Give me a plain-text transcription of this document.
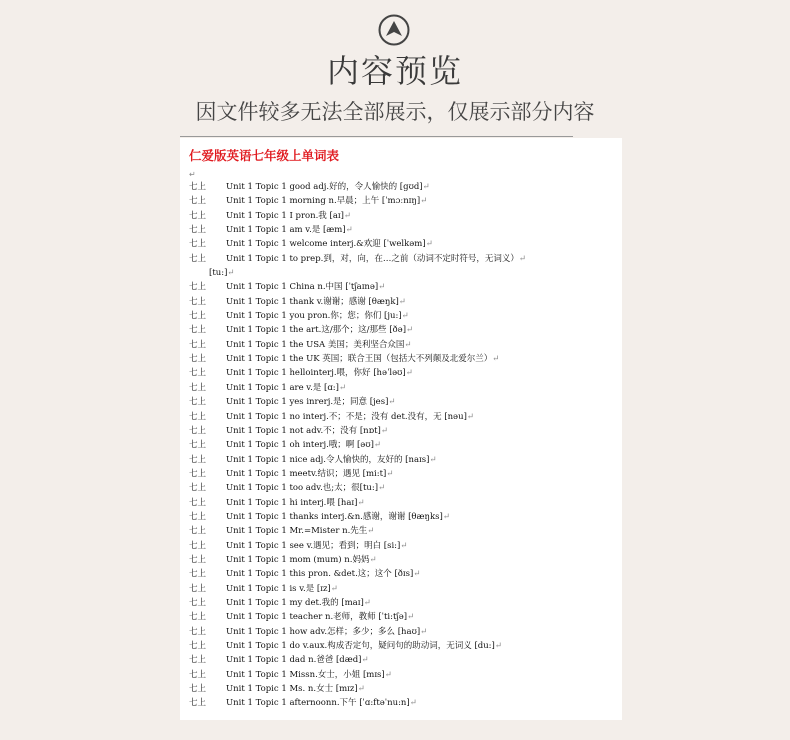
内容预览
因文件较多无法全部展示，仅展示部分内容
仁爱版英语七年级上单词表
↵
七上	Unit 1 Topic 1 good adj.好的，令人愉快的 [gʊd]↵
七上	Unit 1 Topic 1 morning n.早晨；上午 [ˈmɔːnɪŋ]↵
七上	Unit 1 Topic 1 I pron.我 [aɪ]↵
七上	Unit 1 Topic 1 am v.是 [æm]↵
七上	Unit 1 Topic 1 welcome interj.&欢迎 [ˈwelkəm]↵
七上	Unit 1 Topic 1 to prep.到，对，向，在…之前（动词不定时符号，无词义）↵
[tu:]↵
七上	Unit 1 Topic 1 China n.中国 [ˈtʃaɪnə]↵
七上	Unit 1 Topic 1 thank v.谢谢；感谢 [θæŋk]↵
七上	Unit 1 Topic 1 you pron.你；您；你们 [ju:]↵
七上	Unit 1 Topic 1 the art.这/那个；这/那些 [ðə]↵
七上	Unit 1 Topic 1 the USA 美国；美利坚合众国↵
七上	Unit 1 Topic 1 the UK 英国；联合王国（包括大不列颠及北爱尔兰）↵
七上	Unit 1 Topic 1 hellointerj.喂，你好 [həˈləʊ]↵
七上	Unit 1 Topic 1 are v.是 [ɑ:]↵
七上	Unit 1 Topic 1 yes inrerj.是；同意 [jes]↵
七上	Unit 1 Topic 1 no interj.不；不是；没有 det.没有，无 [nəu]↵
七上	Unit 1 Topic 1 not adv.不；没有 [nɒt]↵
七上	Unit 1 Topic 1 oh interj.哦；啊 [əʊ]↵
七上	Unit 1 Topic 1 nice adj.令人愉快的，友好的 [naɪs]↵
七上	Unit 1 Topic 1 meetv.结识；遇见 [mi:t]↵
七上	Unit 1 Topic 1 too adv.也;太；很[tu:]↵
七上	Unit 1 Topic 1 hi interj.喂 [haɪ]↵
七上	Unit 1 Topic 1 thanks interj.&n.感谢，谢谢 [θæŋks]↵
七上	Unit 1 Topic 1 Mr.=Mister n.先生↵
七上	Unit 1 Topic 1 see v.遇见；看到；明白 [si:]↵
七上	Unit 1 Topic 1 mom (mum) n.妈妈↵
七上	Unit 1 Topic 1 this pron. &det.这；这个 [ðɪs]↵
七上	Unit 1 Topic 1 is v.是 [ɪz]↵
七上	Unit 1 Topic 1 my det.我的 [maɪ]↵
七上	Unit 1 Topic 1 teacher n.老师，教师 [ˈti:tʃə]↵
七上	Unit 1 Topic 1 how adv.怎样；多少；多么 [haʊ]↵
七上	Unit 1 Topic 1 do v.aux.构成否定句，疑问句的助动词，无词义 [du:]↵
七上	Unit 1 Topic 1 dad n.爸爸 [dæd]↵
七上	Unit 1 Topic 1 Missn.女士，小姐 [mɪs]↵
七上	Unit 1 Topic 1 Ms. n.女士 [mɪz]↵
七上	Unit 1 Topic 1 afternoonn.下午 [ˈɑ:ftəˈnu:n]↵
